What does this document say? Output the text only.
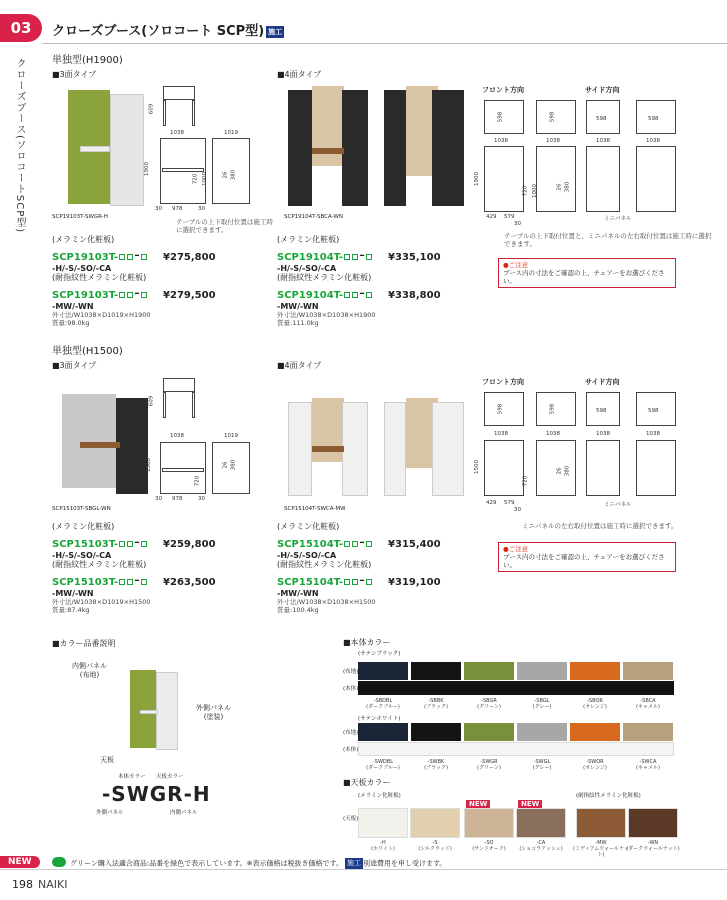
03	クローズブース(ソロコート SCP型) 施工
クローズブース(ソロコートSCP型)	単独型(H1900)
■3面タイプ	■4面タイプ
SCP19103T-SWGR-H
609
1038
1900
720 1000
978
30	30
1019
380
26
テーブルの上下取付位置は施工時に選択できます。
(メラミン化粧板)
SCP19103T- - ¥275,800
-H/-S/-SO/-CA
(耐指紋性メラミン化粧板)
SCP19103T- - ¥279,500
-MW/-WN
外寸法/W1038×D1019×H1900
質量:98.0kg
SCP19104T-SBCA-WN
フロント方向	サイド方向
598	598	598	598
1038	1038	1038	1038
1900
720 1000	26 380
429 579
30
ミニパネル
テーブルの上下取付位置と、ミニパネルの左右取付位置は施工時に選択できます。
●ご注意
ブース内の寸法をご確認の上、チェアーをお選びください。
(メラミン化粧板)
SCP19104T- - ¥335,100
-H/-S/-SO/-CA
(耐指紋性メラミン化粧板)
SCP19104T- - ¥338,800
-MW/-WN
外寸法/W1038×D1038×H1900
質量:111.0kg
単独型(H1500)
■3面タイプ	■4面タイプ
SCP15103T-SBGL-WN
609
1038
1500
720
978
30	30
1019
380
26
(メラミン化粧板)
SCP15103T- - ¥259,800
-H/-S/-SO/-CA
(耐指紋性メラミン化粧板)
SCP15103T- - ¥263,500
-MW/-WN
外寸法/W1038×D1019×H1500
質量:87.4kg
SCP15104T-SWCA-MW
フロント方向	サイド方向
598	598	598	598
1038	1038	1038	1038
1500
720
26 380
429 579
30
ミニパネル
ミニパネルの左右取付位置は施工時に選択できます。
●ご注意
ブース内の寸法をご確認の上、チェアーをお選びください。
(メラミン化粧板)
SCP15104T- - ¥315,400
-H/-S/-SO/-CA
(耐指紋性メラミン化粧板)
SCP15104T- - ¥319,100
-MW/-WN
外寸法/W1038×D1038×H1500
質量:100.4kg
■カラー品番説明
内側パネル
(布地)
外側パネル
(塗装)
天板
本体カラー 天板カラー
-SWGR-H
外側パネル	内側パネル
■本体カラー
(サテンブラック)
(布地)
(本体)
-SBDBL
(ダークブルー)
-SBBK
(ブラック)
-SBGR
(グリーン)
-SBGL
(グレー)
-SBOR
(オレンジ)
-SBCA
(キャメル)
(サテンホワイト)
(布地)
(本体)
-SWDBL
(ダークブルー)
-SWBK
(ブラック)
-SWGR
(グリーン)
-SWGL
(グレー)
-SWOR
(オレンジ)
-SWCA
(キャメル)
■天板カラー
(メラミン化粧板)	(耐指紋性メラミン化粧板)
(天板)
NEW	NEW
-H
(ホワイト)
-S
(シルクウッド)
-SO
(サンドオーク)
-CA
(ショコラアッシュ)
-MW
(ミディアムウォールナット)
-WN
(ダークウォールナット)
NEW	グリーン購入法適合商品:品番を緑色で表示しています。※表示価格は税抜き価格です。 施工 別途費用を申し受けます。
198 NAIKI
